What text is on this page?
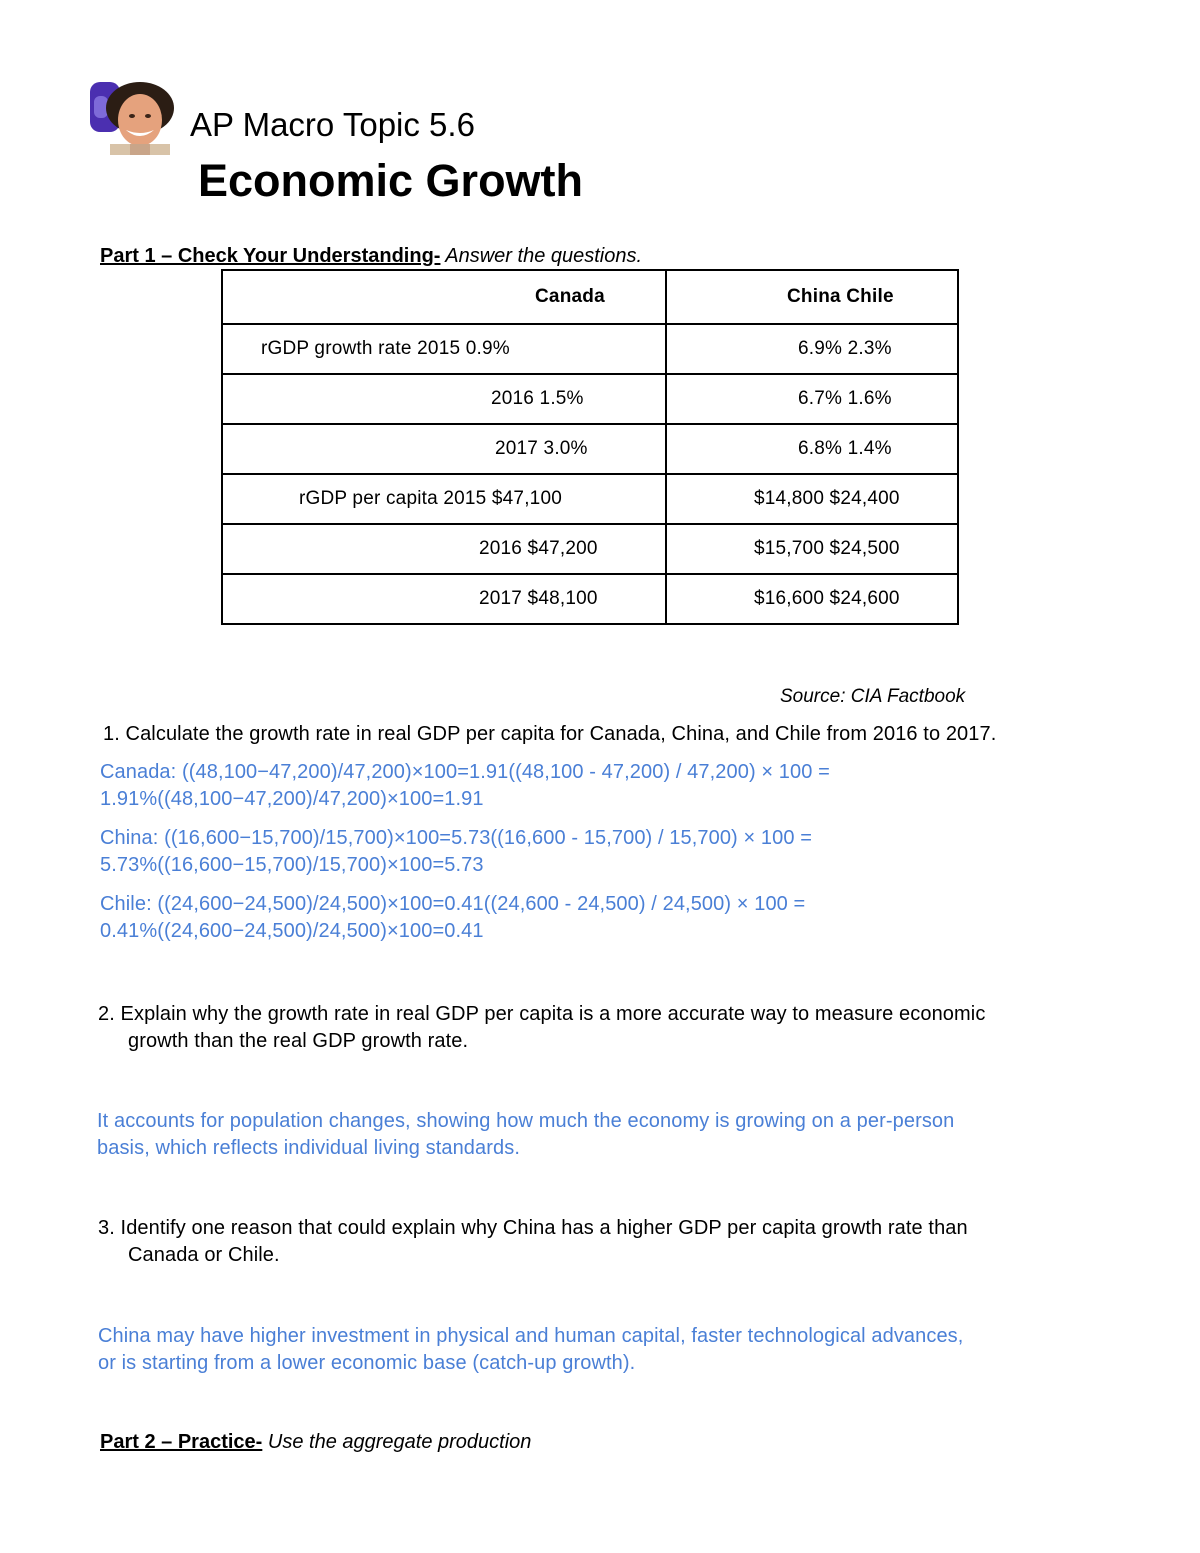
AP Macro Topic 5.6
Economic Growth
Part 1 – Check Your Understanding- Answer the questions.
Canada	China Chile

rGDP growth rate 2015 0.9%	6.9% 2.3%

2016 1.5%	6.7% 1.6%

2017 3.0%	6.8% 1.4%

rGDP per capita 2015 $47,100	$14,800 $24,400

2016 $47,200	$15,700 $24,500

2017 $48,100	$16,600 $24,600
Source: CIA Factbook
1. Calculate the growth rate in real GDP per capita for Canada, China, and Chile from 2016 to 2017.
Canada: ((48,100−47,200)/47,200)×100=1.91((48,100 - 47,200) / 47,200) × 100 =
1.91%((48,100−47,200)/47,200)×100=1.91
China: ((16,600−15,700)/15,700)×100=5.73((16,600 - 15,700) / 15,700) × 100 =
5.73%((16,600−15,700)/15,700)×100=5.73
Chile: ((24,600−24,500)/24,500)×100=0.41((24,600 - 24,500) / 24,500) × 100 =
0.41%((24,600−24,500)/24,500)×100=0.41
2. Explain why the growth rate in real GDP per capita is a more accurate way to measure economic
growth than the real GDP growth rate.
It accounts for population changes, showing how much the economy is growing on a per-person
basis, which reflects individual living standards.
3. Identify one reason that could explain why China has a higher GDP per capita growth rate than
Canada or Chile.
China may have higher investment in physical and human capital, faster technological advances,
or is starting from a lower economic base (catch-up growth).
Part 2 – Practice- Use the aggregate production
